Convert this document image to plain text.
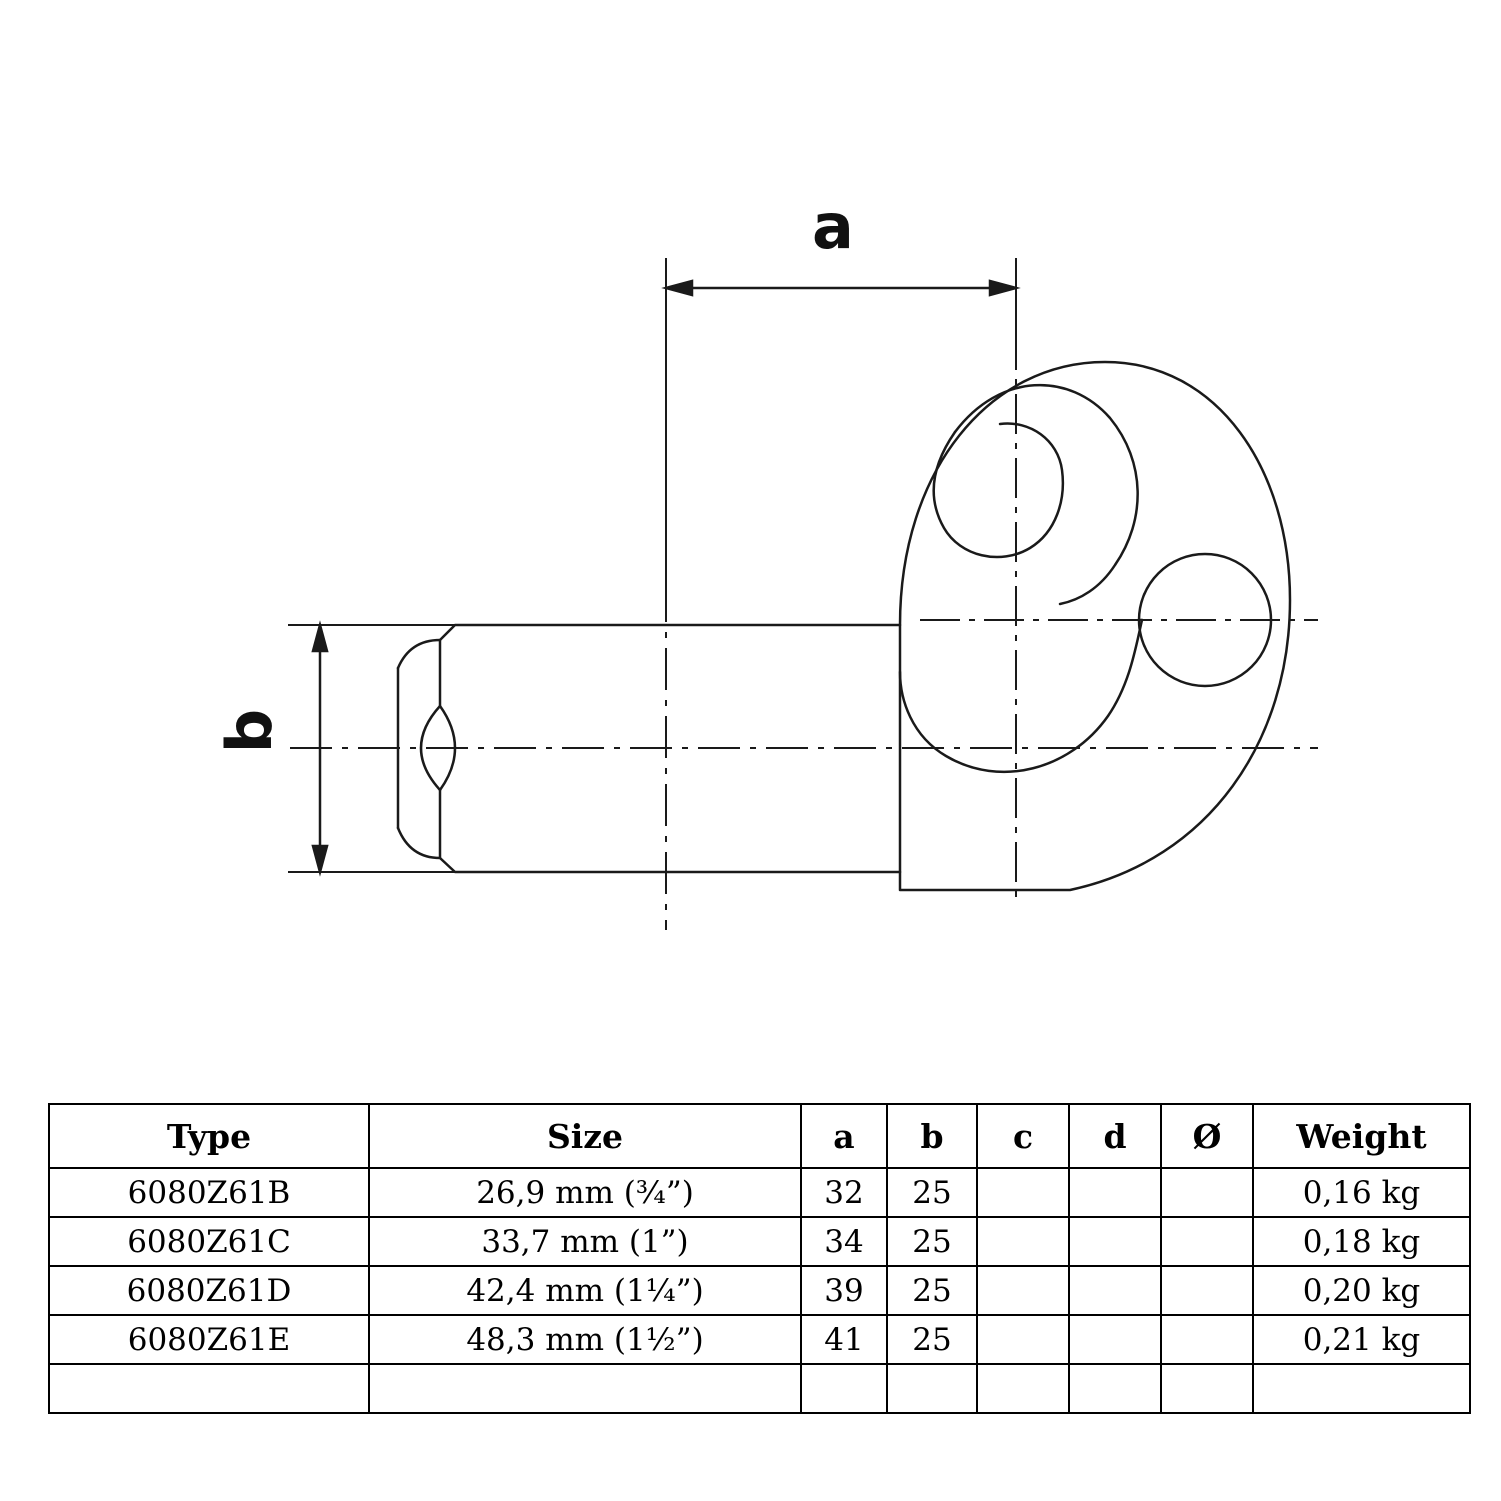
a
b
Type	Size	a	b	c	d	Ø	Weight
6080Z61B	26,9 mm (¾”)	32	25				0,16 kg
6080Z61C	33,7 mm (1”)	34	25				0,18 kg
6080Z61D	42,4 mm (1¼”)	39	25				0,20 kg
6080Z61E	48,3 mm (1½”)	41	25				0,21 kg
